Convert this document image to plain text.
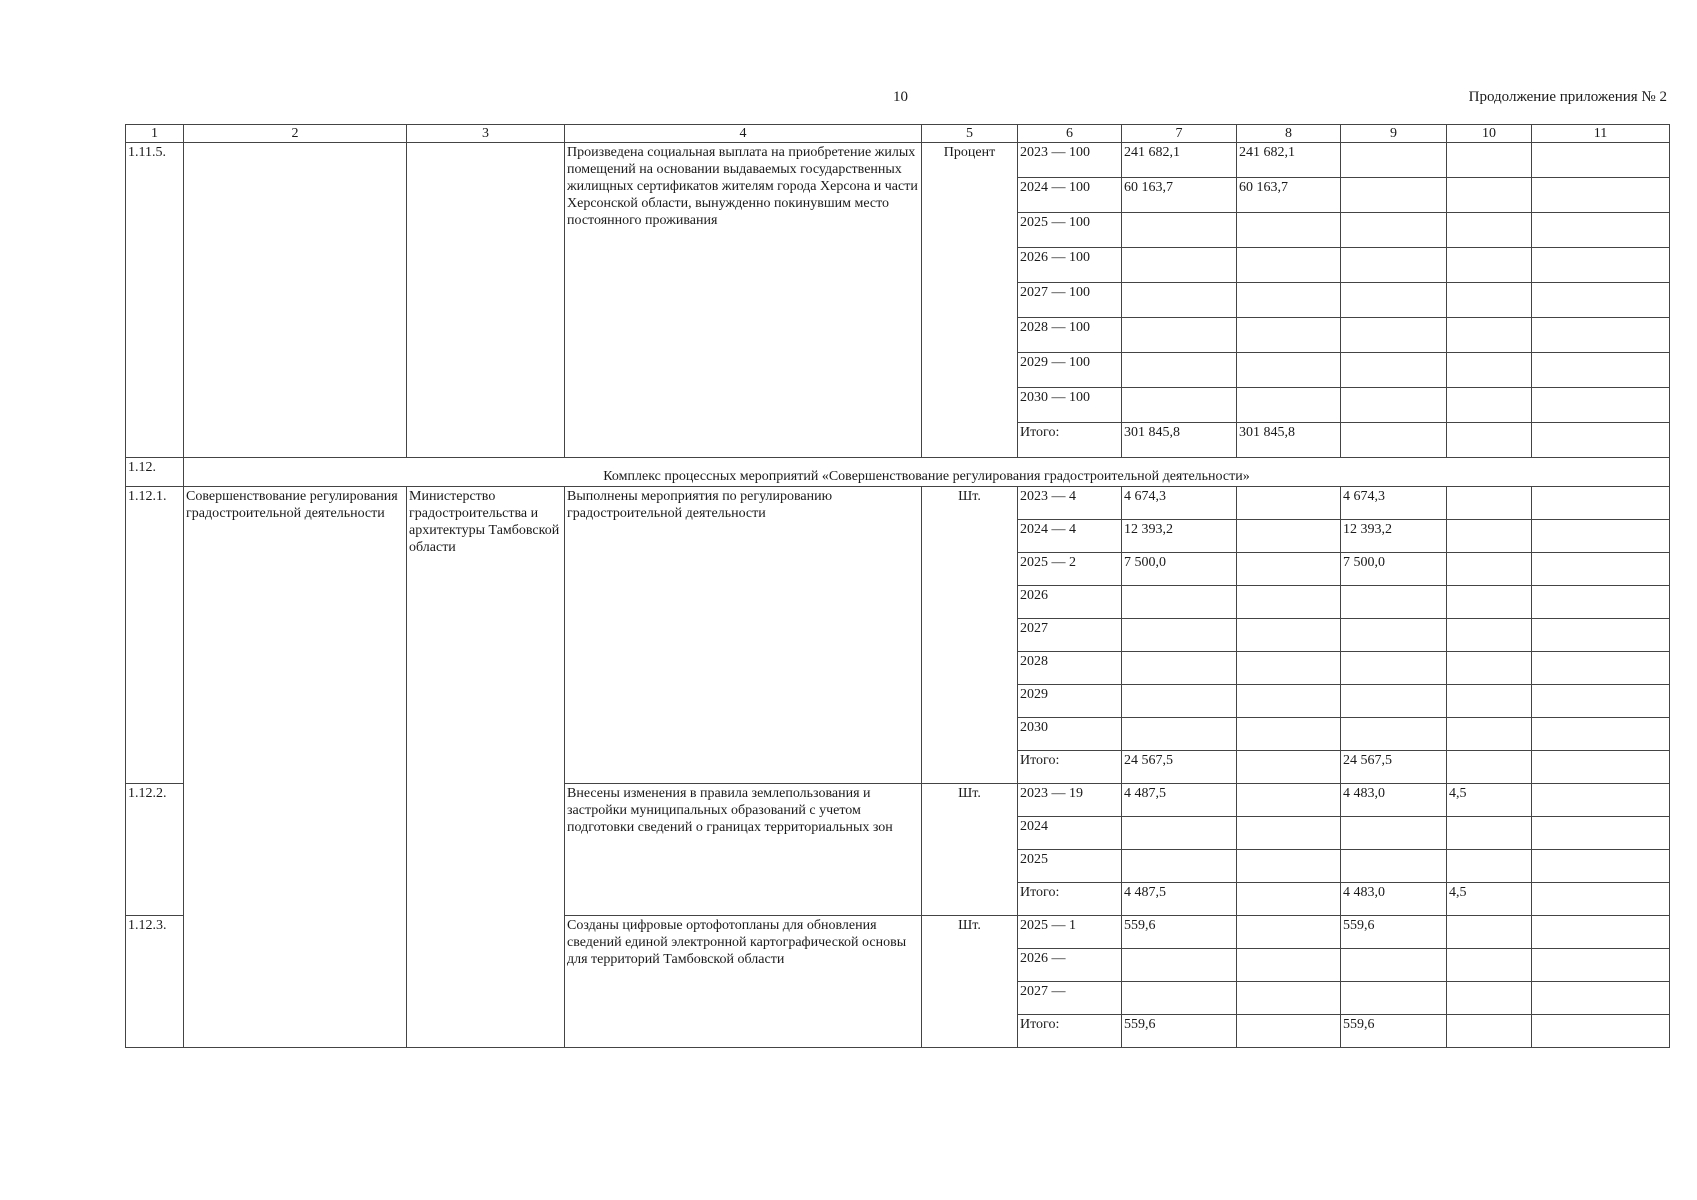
10	Продолжение приложения № 2
1	2	3	4	5	6	7	8	9	10	11
1.11.5.			Произведена социальная выплата на приобретение жилых помещений на основании выдаваемых государственных жилищных сертификатов жителям города Херсона и части Херсонской области, вынужденно покинувшим место постоянного проживания	Процент	2023 — 100	241 682,1	241 682,1			
					2024 — 100	60 163,7	60 163,7			
					2025 — 100					
					2026 — 100					
					2027 — 100					
					2028 — 100					
					2029 — 100					
					2030 — 100					
					Итого:	301 845,8	301 845,8			
1.12.	Комплекс процессных мероприятий «Совершенствование регулирования градостроительной деятельности»									
1.12.1.	Совершенствование регулирования градостроительной деятельности	Министерство градостроительства и архитектуры Тамбовской области	Выполнены мероприятия по регулированию градостроительной деятельности	Шт.	2023 — 4	4 674,3		4 674,3		
					2024 — 4	12 393,2		12 393,2		
					2025 — 2	7 500,0		7 500,0		
					2026					
					2027					
					2028					
					2029					
					2030					
					Итого:	24 567,5		24 567,5		
1.12.2.			Внесены изменения в правила землепользования и застройки муниципальных образований с учетом подготовки сведений о границах территориальных зон	Шт.	2023 — 19	4 487,5		4 483,0	4,5	
					2024					
					2025					
					Итого:	4 487,5		4 483,0	4,5	
1.12.3.			Созданы цифровые ортофотопланы для обновления сведений единой электронной картографической основы для территорий Тамбовской области	Шт.	2025 — 1	559,6		559,6		
					2026 —					
					2027 —					
					Итого:	559,6		559,6		
